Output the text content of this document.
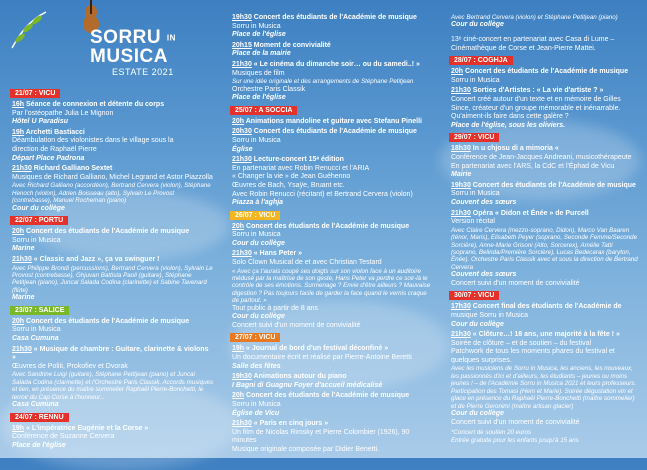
SORRU IN
MUSICA
ESTATE 2021
21/07 : VICU
16h Séance de connexion et détente du corps
Par l'ostéopathe Julia Le Mignon
Hôtel U Paradisu
19h Archetti Bastiacci
Déambulation des violonistes dans le village sous la
direction de Raphaël Pierre
Départ Place Padrona
21h30 Richard Galliano Sextet
Musiques de Richard Galliano, Michel Legrand et Astor Piazzolla
Avec Richard Galliano (accordéon), Bertrand Cervera (violon), Stéphane Henoch (violon), Adrien Boisseau (alto), Sylvain Le Provost (contrebasse), Manuel Rocheman (piano)
Cour du collège
22/07 : PORTU
20h Concert des étudiants de l'Académie de musique
Sorru in Musica
Marine
21h30 « Classic and Jazz », ça va swinguer !
Avec Philippe Brondi (percussions), Bertrand Cervera (violon), Sylvain Le Provost (contrebasse), Ghjuvan Battista Paoli (guitare), Stéphane Petitjean (piano), Juncal Salada Codina (clarinette) et Sabine Tavenard (flûte)
Marine
23/07 : SALICE
20h Concert des étudiants de l'Académie de musique
Sorru in Musica
Casa Cumuna
21h30 « Musique de chambre : Guitare, clarinette & violons »
Œuvres de Politi, Prokofiev et Dvorak
Avec Sandrine Luigi (guitare), Stéphane Petitjean (piano) et Juncal Salada Codina (clarinette) et l'Orchestre Paris Classik. Accords musiques et lien, en présence du maître sommelier Raphaël Pierre-Bonchetti, le terroir du Cap Corse à l'honneur...
Casa Cumuna
24/07 : RENNU
19h « L'impératrice Eugénie et la Corse »
Conférence de Suzanne Cervera
Place de l'église
19h30 Concert des étudiants de l'Académie de musique
Sorru in Musica
Place de l'église
20h15 Moment de convivialité
Place de la mairie
21h30 « Le cinéma du dimanche soir… ou du samedi..! »
Musiques de film
Sur une idée originale et des arrangements de Stéphane Petitjean
Orchestre Paris Classik
Place de l'église
25/07 : A SOCCIA
20h Animations mandoline et guitare avec Stefanu Pinelli
20h30 Concert des étudiants de l'Académie de musique
Sorru in Musica
Église
21h30 Lecture-concert 15ᵉ édition
En partenariat avec Robin Renucci et l'ARIA
« Changer la vie » de Jean Guéhenno
Œuvres de Bach, Ysaÿe, Bruant etc.
Avec Robin Renucci (récitant) et Bertrand Cervera (violon)
Piazza à l'aghja
26/07 : VICU
20h Concert des étudiants de l'Académie de musique
Sorru in Musica
Cour du collège
21h30 « Hans Peter »
Solo Clown Musical de et avec Christian Testard
« Avec ça t'aurais coupé ses doigts sur son violon face à un auditoire médusé par la maîtrise de son geste, Hans Peter va perdre ce soir-là le contrôle de ses émotions. Surmenage ? Envie d'être ailleurs ? Mauvaise digestion ? Pas toujours facile de garder la face quand le vernis craque de partout. »
Tout public à partir de 8 ans
Cour du collège
Concert suivi d'un moment de convivialité
27/07 : VICU
19h « Journal de bord d'un festival déconfiné »
Un documentaire écrit et réalisé par Pierre-Antoine Beretti
Salle des fêtes
19h30 Animations autour du piano
I Bagni di Guagnu Foyer d'accueil médicalisé
20h Concert des étudiants de l'Académie de musique
Sorru in Musica
Église de Vicu
21h30 « Paris en cinq jours »
Un film de Nicolas Rimsky et Pierre Colombier (1926), 90 minutes
Musique originale composée par Didier Benetti.
Avec Bertrand Cervera (violon) et Stéphane Petitjean (piano)
Cour du collège
13ᵉ ciné-concert en partenariat avec Casa di Lume –
Cinémathèque de Corse et Jean-Pierre Mattei.
28/07 : COGHJA
20h Concert des étudiants de l'Académie de musique
Sorru in Musica
21h30 Sorties d'Artistes : « La vie d'artiste ? »
Concert créé autour d'un texte et en mémoire de Gilles
Since, créateur d'un groupe mémorable et inénarrable.
Qu'aiment-ils faire dans cette galère ?
Place de l'église, sous les oliviers.
29/07 : VICU
18h30 In u chjosu di a mimoria «
Conférence de Jean-Jacques Andreani, musicothérapeute
En partenariat avec l'ARS, la CdC et l'Éphad de Vicu
Mairie
19h30 Concert des étudiants de l'Académie de musique
Sorru in Musica
Couvent des sœurs
21h30 Opéra « Didon et Énée » de Purcell
Version récital
Avec Claire Cervera (mezzo-soprano, Didon), Marco Van Baaren (ténor, Maris), Elisabeth Peyer (soprano, Seconde Femme/Seconde Sorcière), Anne-Marie Grisoni (Alto, Sorcerex), Amélie Tatti (soprano, Belinda/Première Sorcière), Lucas Bedecarax (baryton, Énée). Orchestre Paris Classik avec et sous la direction de Bertrand Cervera
Couvent des sœurs
Concert suivi d'un moment de convivialité
30/07 : VICU
17h30 Concert final des étudiants de l'Académie de
musique Sorru in Musica
Cour du collège
21h30 « Clôture…! 18 ans, une majorité à la fête ! »
Soirée de clôture – et de soutien – du festival
Patchwork de tous les moments phares du festival et
quelques surprises.
Avec les musiciens de Sorru in Musica, les anciens, les nouveaux, les passionnés d'ici et d'ailleurs, les étudiants – jeunes ou moins jeunes ! – de l'Académie Sorru in Musica 2021 et leurs professeurs. Participation des Tomasi (Hem et Marie). Soirée dégustation vin et glace en présence du Raphaël Pierre-Bonchetti (maître sommelier) et de Pierre Geronimi (maître artisan glacier)
Cour du collège
Concert suivi d'un moment de convivialité
*Concert de soutien 20 euros
Entrée gratuite pour les enfants jusqu'à 15 ans
